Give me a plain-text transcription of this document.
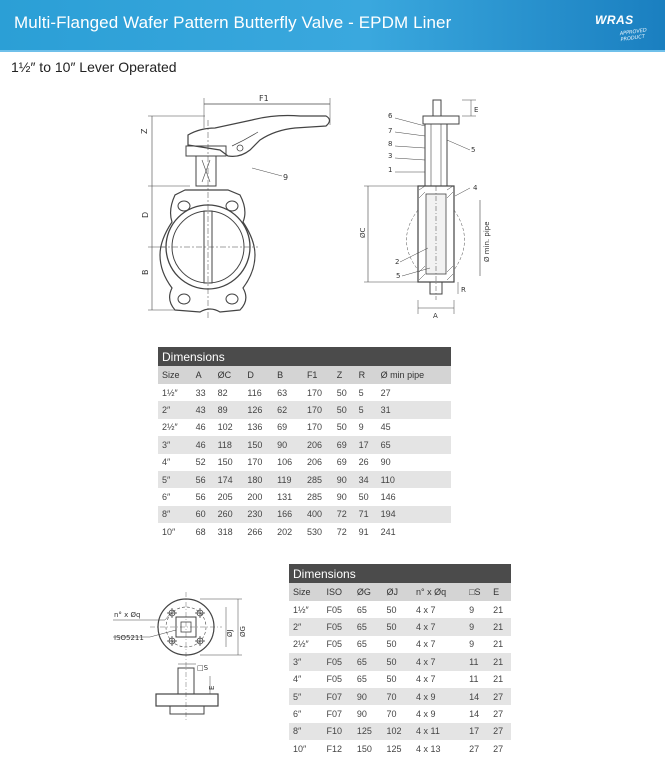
Multi-Flanged Wafer Pattern Butterfly Valve - EPDM Liner	WRAS
APPROVED PRODUCT
1½″ to 10″ Lever Operated
F1
Z
D
B
9
6
7
8
3
1
5
4
2
5
E
ØC	Ø min. pipe
A
R
Dimensions								
Size	A	ØC	D	B	F1	Z	R	Ø min pipe
1½″	33	82	116	63	170	50	5	27
2″	43	89	126	62	170	50	5	31
2½″	46	102	136	69	170	50	9	45
3″	46	118	150	90	206	69	17	65
4″	52	150	170	106	206	69	26	90
5″	56	174	180	119	285	90	34	110
6″	56	205	200	131	285	90	50	146
8″	60	260	230	166	400	72	71	194
10″	68	318	266	202	530	72	91	241
n° x Øq
ISO5211
ØJ ØG
□S
E
Dimensions						
Size	ISO	ØG	ØJ	n° x Øq	□S	E
1½″	F05	65	50	4 x 7	9	21
2″	F05	65	50	4 x 7	9	21
2½″	F05	65	50	4 x 7	9	21
3″	F05	65	50	4 x 7	11	21
4″	F05	65	50	4 x 7	11	21
5″	F07	90	70	4 x 9	14	27
6″	F07	90	70	4 x 9	14	27
8″	F10	125	102	4 x 11	17	27
10″	F12	150	125	4 x 13	27	27
